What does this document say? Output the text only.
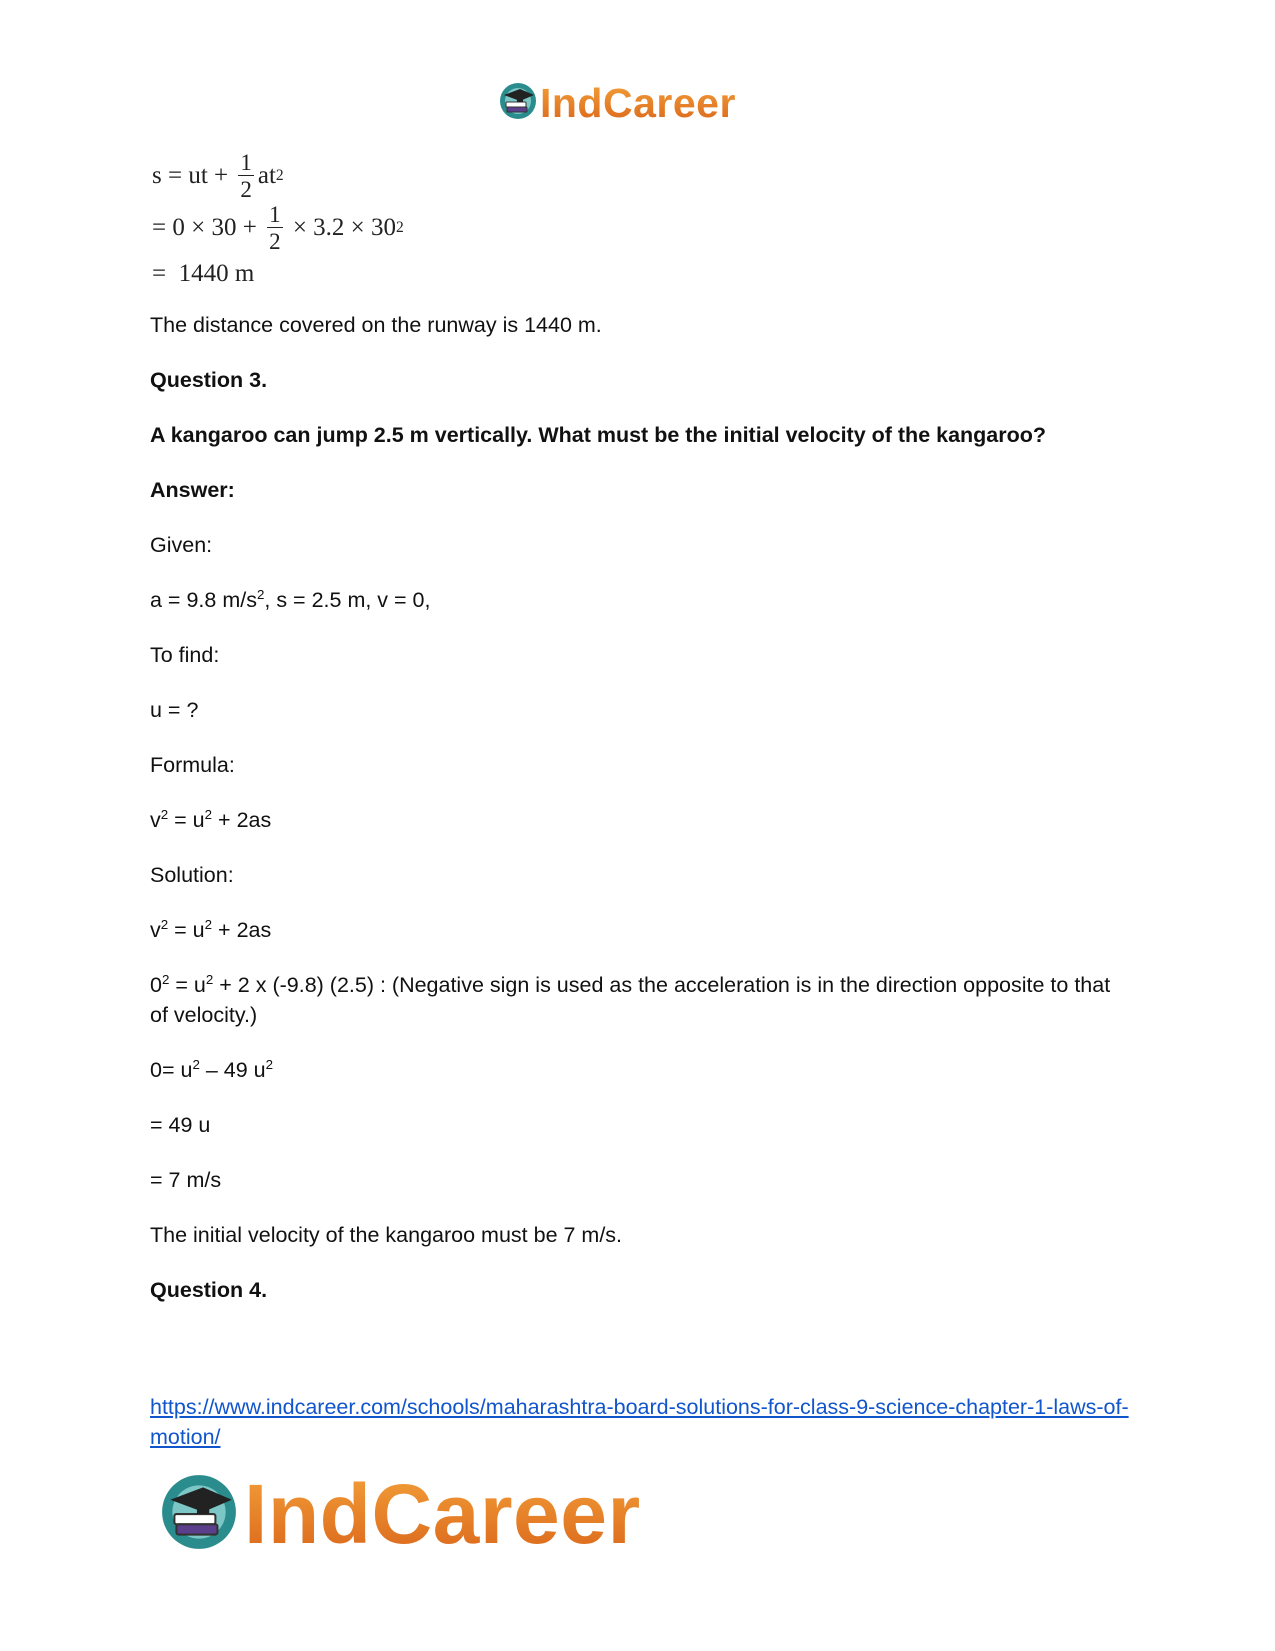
IndCareer
s = ut + $\frac{1}{2}$ at 2
= $0 \times 30 + \frac{1}{2} \times 3.2 \times 30$ 2
=  1440 m

The distance covered on the runway is 1440 m.

Question 3.

A kangaroo can jump 2.5 m vertically. What must be the initial velocity of the kangaroo?

Answer:

Given:

a = 9.8 $m/s^2$, s = 2.5 m, v = 0,

To find:

u = ?

Formula:

$v^2 = u^2 + 2as$

Solution:

$v^2 = u^2 + 2as$

$0^2 = u^2 + 2$ x (-9.8) (2.5) : (Negative sign is used as the acceleration is in the direction opposite to that of velocity.)

$0= u^2 - 49$ $u^2$

= 49 u

= 7 m/s

The initial velocity of the kangaroo must be 7 m/s.

Question 4.

https://www.indcareer.com/schools/maharashtra-board-solutions-for-class-9-science-chapter-1-laws-of-motion/
IndCareer
